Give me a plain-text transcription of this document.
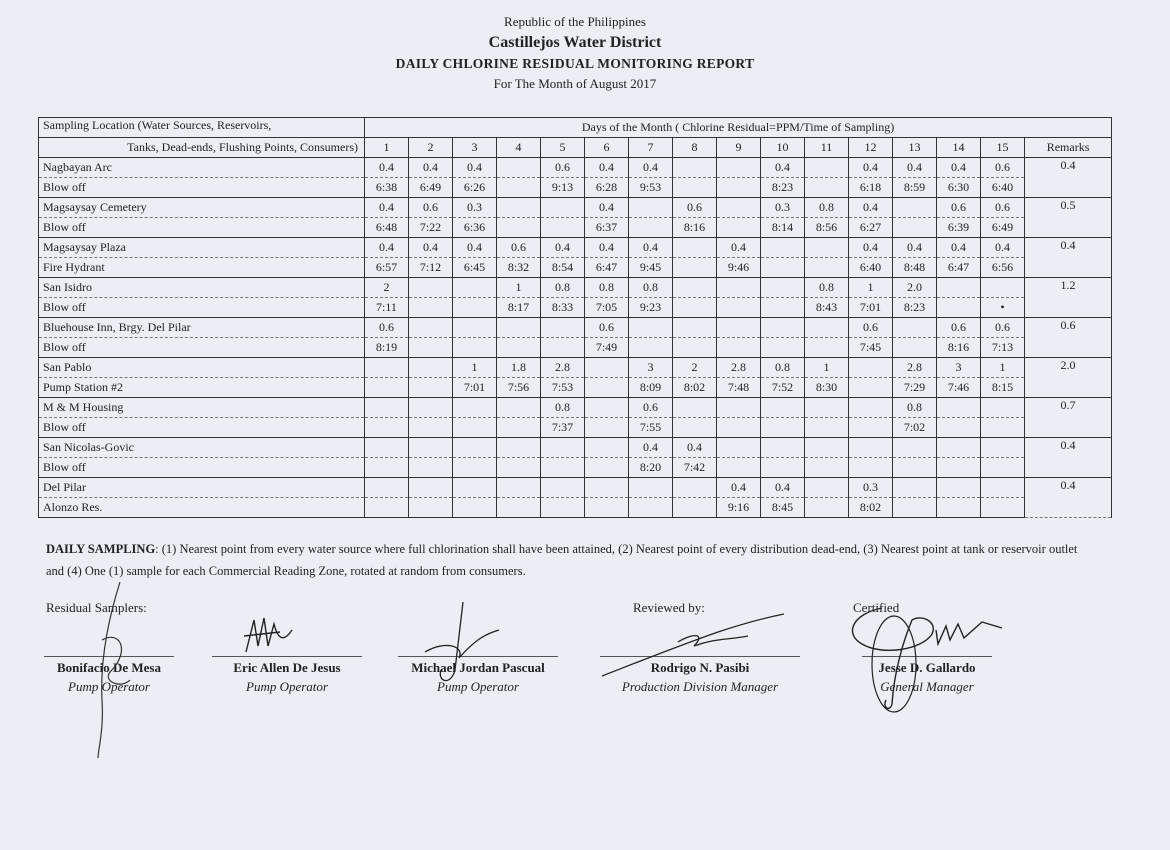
Republic of the Philippines
Castillejos Water District
DAILY CHLORINE RESIDUAL MONITORING REPORT
For The Month of August 2017
Sampling Location (Water Sources, Reservoirs,	Days of the Month ( Chlorine Residual=PPM/Time of Sampling)															
Tanks, Dead-ends, Flushing Points, Consumers)	1	2	3	4	5	6	7	8	9	10	11	12	13	14	15	Remarks
Nagbayan Arc	0.4	0.4	0.4		0.6	0.4	0.4			0.4		0.4	0.4	0.4	0.6	0.4
Blow off	6:38	6:49	6:26		9:13	6:28	9:53			8:23		6:18	8:59	6:30	6:40	
Magsaysay Cemetery	0.4	0.6	0.3			0.4		0.6		0.3	0.8	0.4		0.6	0.6	0.5
Blow off	6:48	7:22	6:36			6:37		8:16		8:14	8:56	6:27		6:39	6:49	
Magsaysay Plaza	0.4	0.4	0.4	0.6	0.4	0.4	0.4		0.4			0.4	0.4	0.4	0.4	0.4
Fire Hydrant	6:57	7:12	6:45	8:32	8:54	6:47	9:45		9:46			6:40	8:48	6:47	6:56	
San Isidro	2			1	0.8	0.8	0.8				0.8	1	2.0			1.2
Blow off	7:11			8:17	8:33	7:05	9:23				8:43	7:01	8:23		•	
Bluehouse Inn, Brgy. Del Pilar	0.6					0.6						0.6		0.6	0.6	0.6
Blow off	8:19					7:49						7:45		8:16	7:13	
San Pablo			1	1.8	2.8		3	2	2.8	0.8	1		2.8	3	1	2.0
Pump Station #2			7:01	7:56	7:53		8:09	8:02	7:48	7:52	8:30		7:29	7:46	8:15	
M & M Housing					0.8		0.6						0.8			0.7
Blow off					7:37		7:55						7:02			
San Nicolas-Govic							0.4	0.4								0.4
Blow off							8:20	7:42								
Del Pilar									0.4	0.4		0.3				0.4
Alonzo Res.									9:16	8:45		8:02				
DAILY SAMPLING: (1) Nearest point from every water source where full chlorination shall have been attained, (2) Nearest point of every distribution dead-end, (3) Nearest point at tank or reservoir outlet and (4) One (1) sample for each Commercial Reading Zone, rotated at random from consumers.
Residual Samplers:	Reviewed by:	Certified
Bonifacio De Mesa
Pump Operator
Eric Allen De Jesus
Pump Operator
Michael Jordan Pascual
Pump Operator
Rodrigo N. Pasibi
Production Division Manager
Jesse D. Gallardo
General Manager
